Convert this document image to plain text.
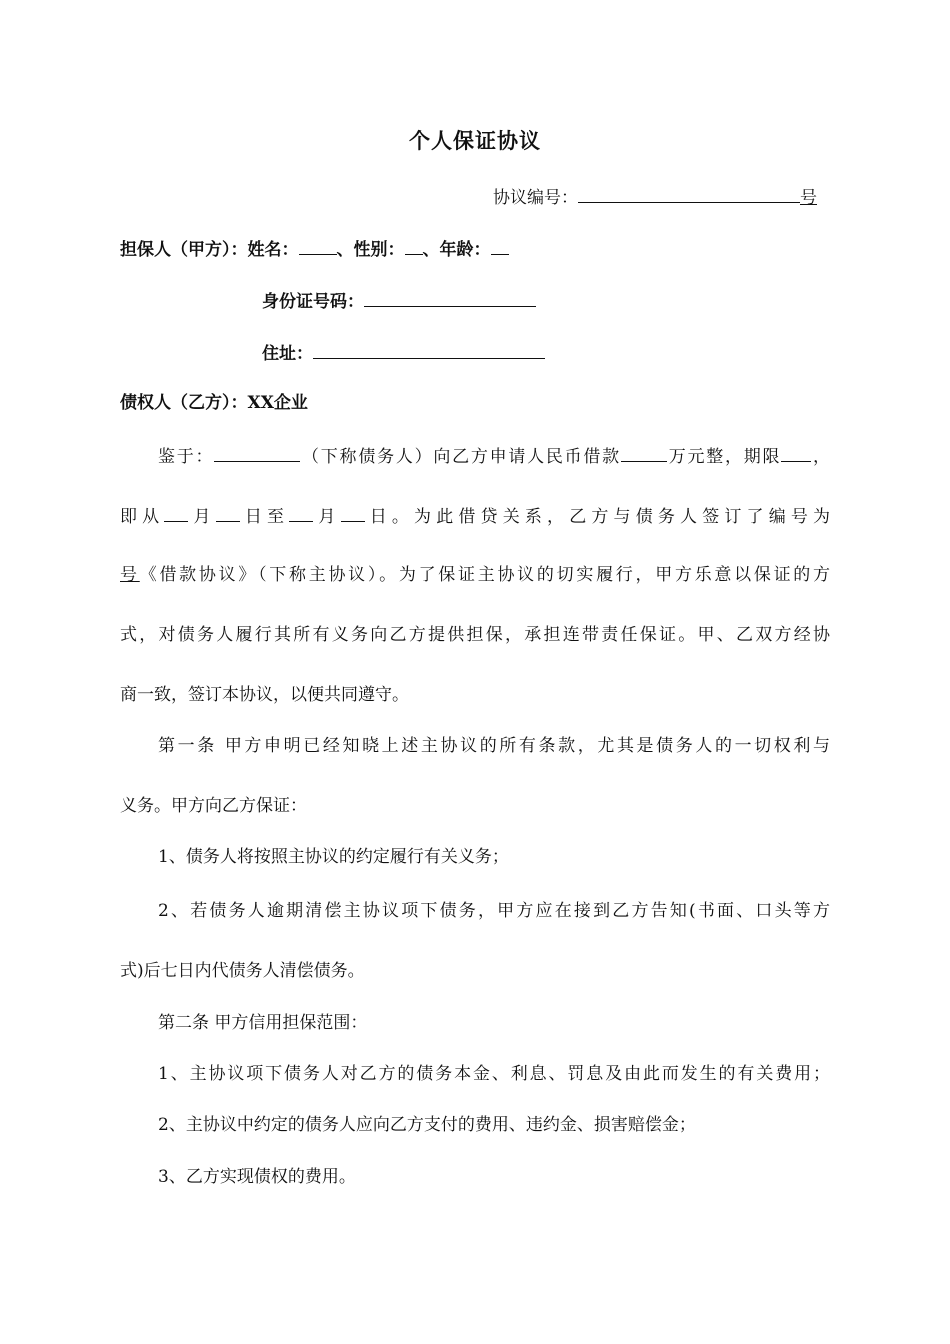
个人保证协议
协议编号：	号
担保人（甲方）：姓名： 、性别： 、年龄：
身份证号码：
住址：
债权人（乙方）：XX企业
鉴于：	（下称债务人）向乙方申请人民币借款	万元整，期限 ，
即从 月 日至 月 日。为此借贷关系，乙方与债务人签订了编号为
号《借款协议》（下称主协议）。为了保证主协议的切实履行，甲方乐意以保证的方
式，对债务人履行其所有义务向乙方提供担保，承担连带责任保证。甲、乙双方经协
商一致，签订本协议，以便共同遵守。
第一条 甲方申明已经知晓上述主协议的所有条款，尤其是债务人的一切权利与
义务。甲方向乙方保证：
1、债务人将按照主协议的约定履行有关义务；
2、若债务人逾期清偿主协议项下债务，甲方应在接到乙方告知(书面、口头等方
式)后七日内代债务人清偿债务。
第二条 甲方信用担保范围：
1、主协议项下债务人对乙方的债务本金、利息、罚息及由此而发生的有关费用；
2、主协议中约定的债务人应向乙方支付的费用、违约金、损害赔偿金；
3、乙方实现债权的费用。
